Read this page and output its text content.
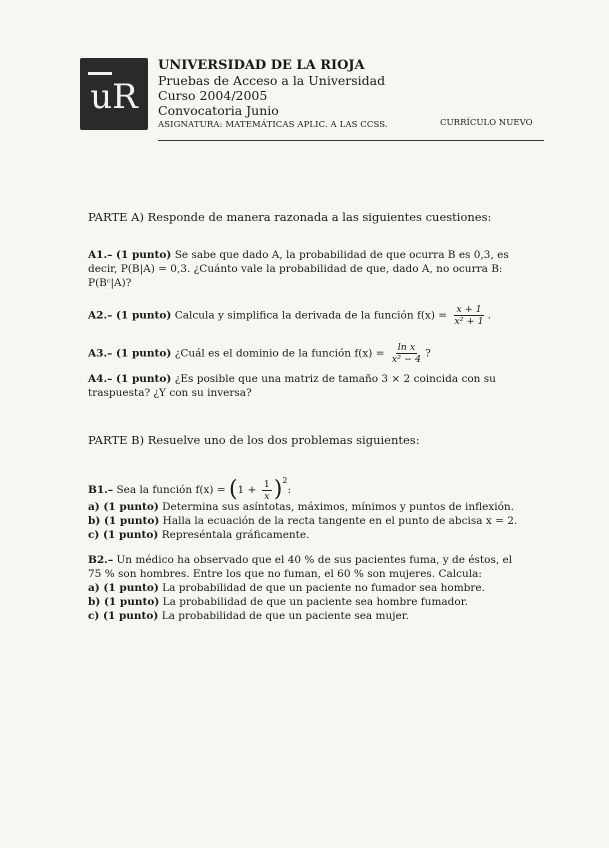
uR
UNIVERSIDAD DE LA RIOJA
Pruebas de Acceso a la Universidad
Curso 2004/2005
Convocatoria Junio
ASIGNATURA: MATEMÁTICAS APLIC. A LAS CCSS.	CURRÍCULO NUEVO
PARTE A) Responde de manera razonada a las siguientes cuestiones:
A1.– (1 punto) Se sabe que dado A, la probabilidad de que ocurra B es 0,3, es
decir, P(B|A) = 0,3. ¿Cuánto vale la probabilidad de que, dado A, no ocurra B:
P(Bᶜ|A)?
A2.– (1 punto) Calcula y simplifica la derivada de la función $f(x) = \frac{x + 1}{\text{x² + 1}}$ .
A3.– (1 punto) ¿Cuál es el dominio de la función $f(x) = \frac{\text{ln x}}{\text{x² − 4}}$ ?
A4.– (1 punto) ¿Es posible que una matriz de tamaño 3 × 2 coincida con su
traspuesta? ¿Y con su inversa?
PARTE B) Resuelve uno de los dos problemas siguientes:
B1.– Sea la función $f(x) = (1 + \frac{1}{x} )^2$:
a) (1 punto) Determina sus asíntotas, máximos, mínimos y puntos de inflexión.
b) (1 punto) Halla la ecuación de la recta tangente en el punto de abcisa x = 2.
c) (1 punto) Represéntala gráficamente.
B2.– Un médico ha observado que el 40 % de sus pacientes fuma, y de éstos, el
75 % son hombres. Entre los que no fuman, el 60 % son mujeres. Calcula:
a) (1 punto) La probabilidad de que un paciente no fumador sea hombre.
b) (1 punto) La probabilidad de que un paciente sea hombre fumador.
c) (1 punto) La probabilidad de que un paciente sea mujer.
